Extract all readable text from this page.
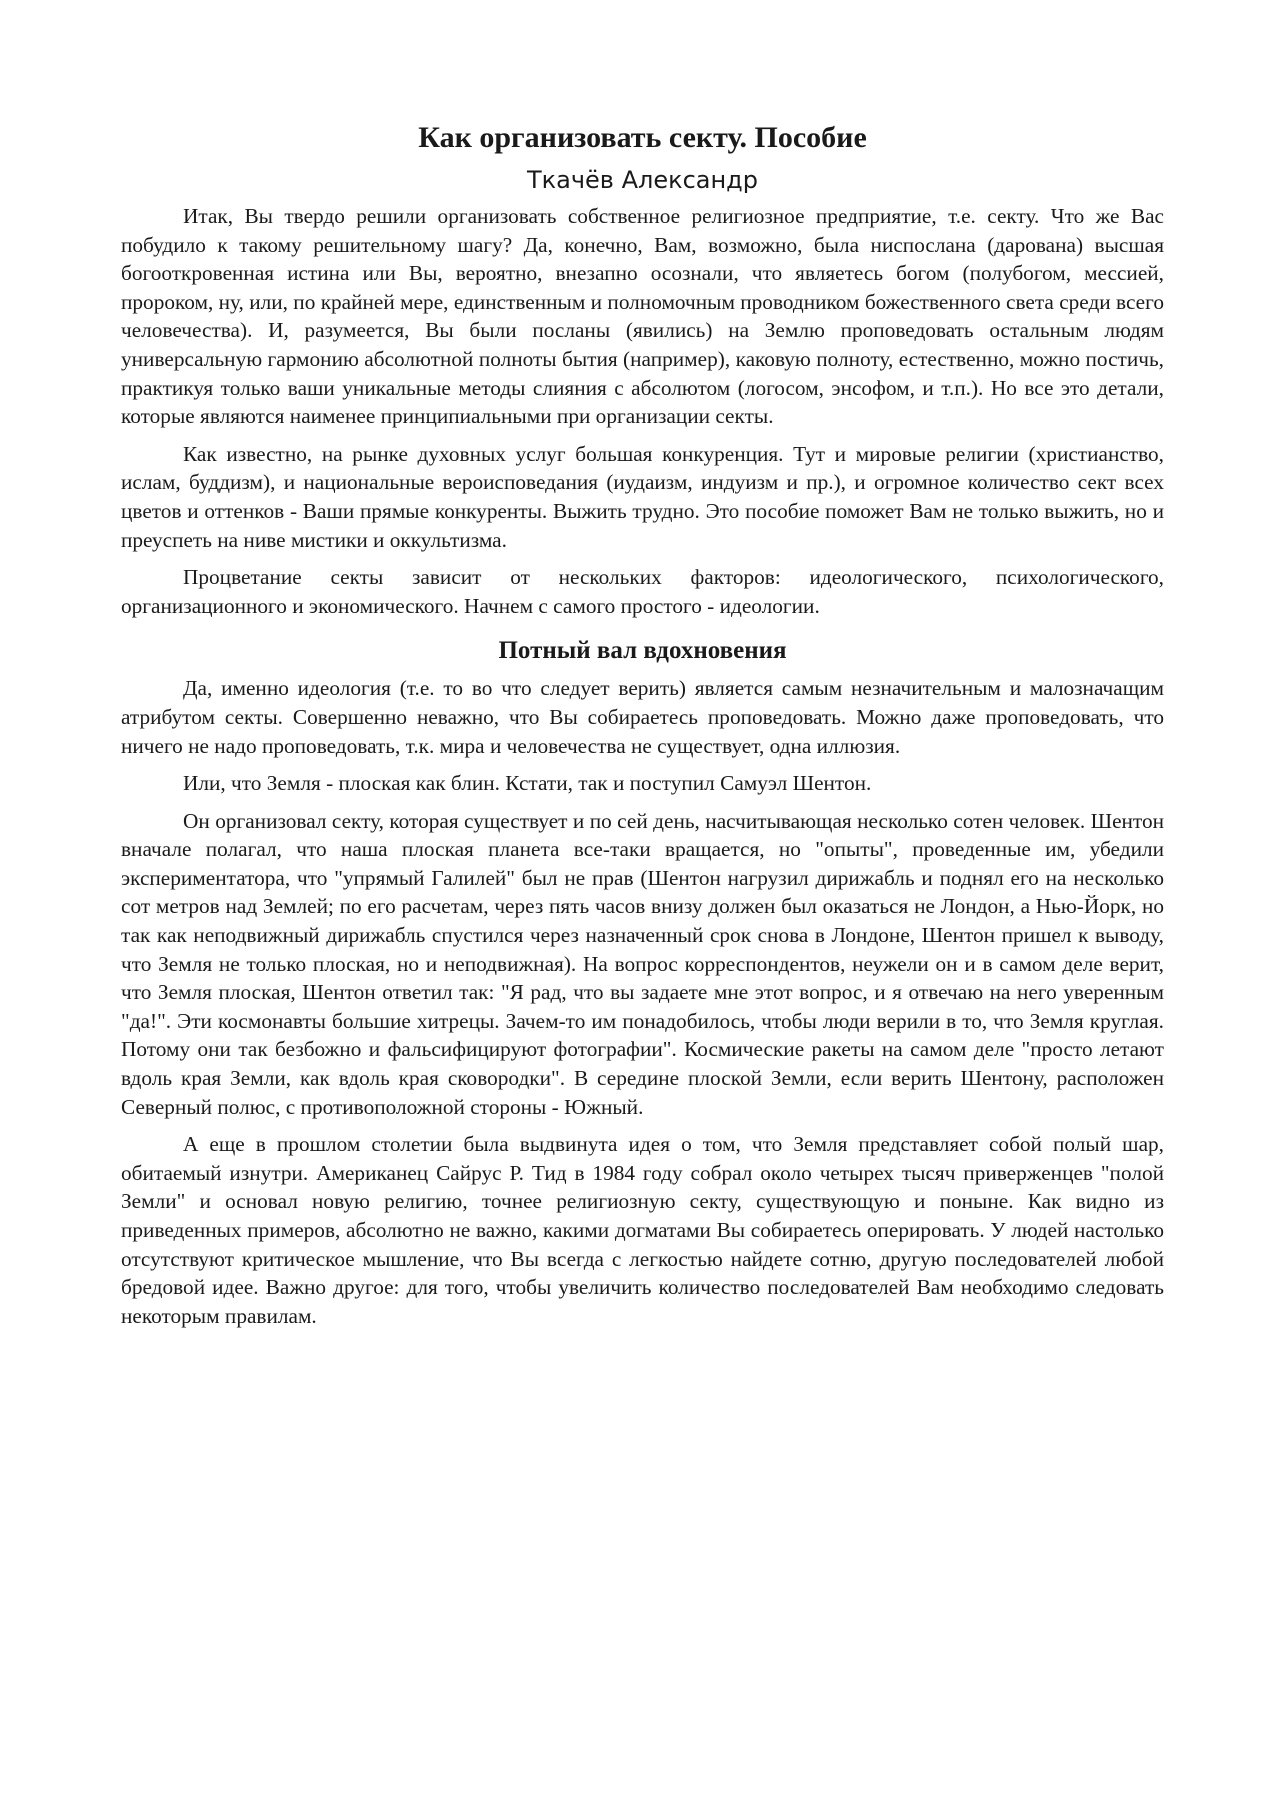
Как организовать секту. Пособие
Ткачёв Александр

Итак, Вы твердо решили организовать собственное религиозное предприятие, т.е. секту. Что же Вас побудило к такому решительному шагу? Да, конечно, Вам, возможно, была ниспослана (дарована) высшая богооткровенная истина или Вы, вероятно, внезапно осознали, что являетесь богом (полубогом, мессией, пророком, ну, или, по крайней мере, единственным и полномочным проводником божественного света среди всего человечества). И, разумеется, Вы были посланы (явились) на Землю проповедовать остальным людям универсальную гармонию абсолютной полноты бытия (например), каковую полноту, естественно, можно постичь, практикуя только ваши уникальные методы слияния с абсолютом (логосом, энсофом, и т.п.). Но все это детали, которые являются наименее принципиальными при организации секты.

Как известно, на рынке духовных услуг большая конкуренция. Тут и мировые религии (христианство, ислам, буддизм), и национальные вероисповедания (иудаизм, индуизм и пр.), и огромное количество сект всех цветов и оттенков - Ваши прямые конкуренты. Выжить трудно. Это пособие поможет Вам не только выжить, но и преуспеть на ниве мистики и оккультизма.

Процветание секты зависит от нескольких факторов: идеологического, психологического, организационного и экономического. Начнем с самого простого - идеологии.

Потный вал вдохновения

Да, именно идеология (т.е. то во что следует верить) является самым незначительным и малозначащим атрибутом секты. Совершенно неважно, что Вы собираетесь проповедовать. Можно даже проповедовать, что ничего не надо проповедовать, т.к. мира и человечества не существует, одна иллюзия.

Или, что Земля - плоская как блин. Кстати, так и поступил Самуэл Шентон.

Он организовал секту, которая существует и по сей день, насчитывающая несколько сотен человек. Шентон вначале полагал, что наша плоская планета все-таки вращается, но "опыты", проведенные им, убедили экспериментатора, что "упрямый Галилей" был не прав (Шентон нагрузил дирижабль и поднял его на несколько сот метров над Землей; по его расчетам, через пять часов внизу должен был оказаться не Лондон, а Нью-Йорк, но так как неподвижный дирижабль спустился через назначенный срок снова в Лондоне, Шентон пришел к выводу, что Земля не только плоская, но и неподвижная). На вопрос корреспондентов, неужели он и в самом деле верит, что Земля плоская, Шентон ответил так: "Я рад, что вы задаете мне этот вопрос, и я отвечаю на него уверенным "да!". Эти космонавты большие хитрецы. Зачем-то им понадобилось, чтобы люди верили в то, что Земля круглая. Потому они так безбожно и фальсифицируют фотографии". Космические ракеты на самом деле "просто летают вдоль края Земли, как вдоль края сковородки". В середине плоской Земли, если верить Шентону, расположен Северный полюс, с противоположной стороны - Южный.

А еще в прошлом столетии была выдвинута идея о том, что Земля представляет собой полый шар, обитаемый изнутри. Американец Сайрус Р. Тид в 1984 году собрал около четырех тысяч приверженцев "полой Земли" и основал новую религию, точнее религиозную секту, существующую и поныне. Как видно из приведенных примеров, абсолютно не важно, какими догматами Вы собираетесь оперировать. У людей настолько отсутствуют критическое мышление, что Вы всегда с легкостью найдете сотню, другую последователей любой бредовой идее. Важно другое: для того, чтобы увеличить количество последователей Вам необходимо следовать некоторым правилам.
